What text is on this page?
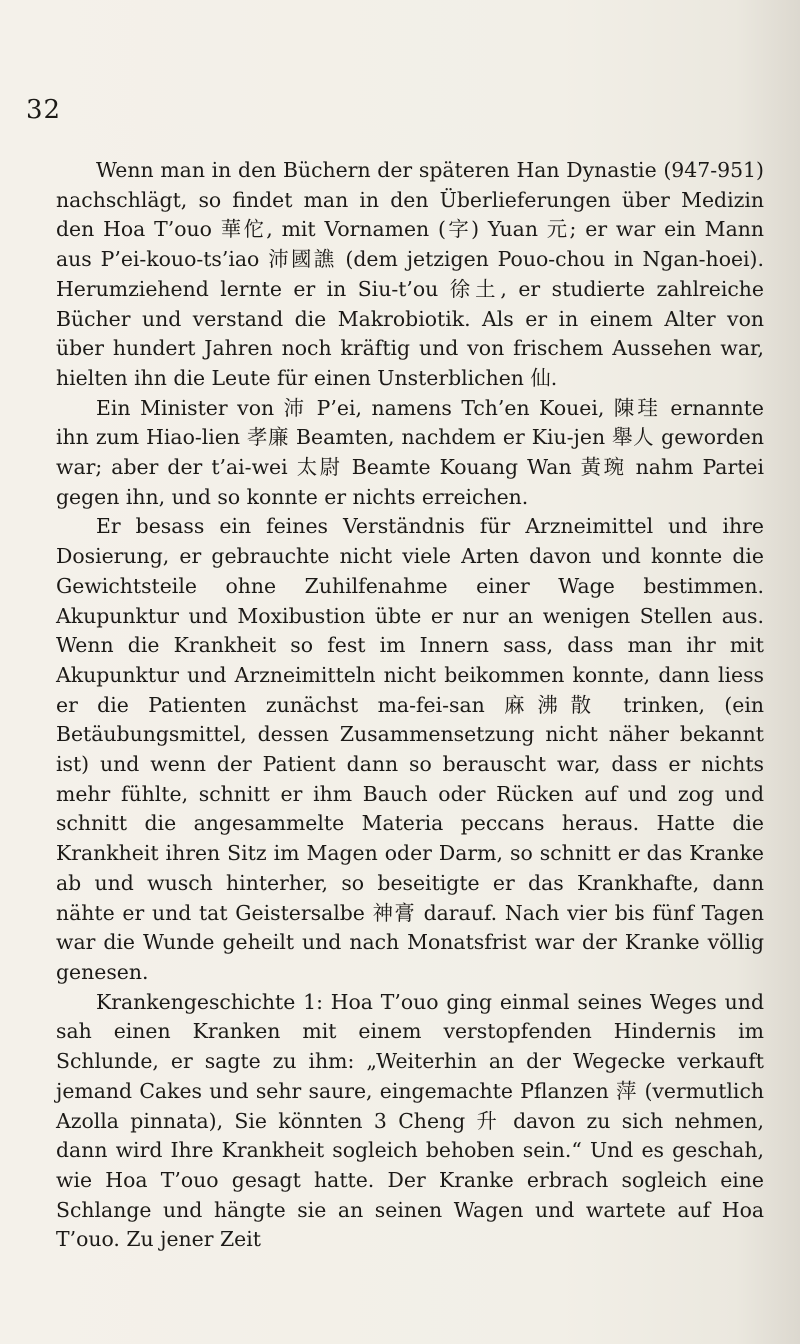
32

Wenn man in den Büchern der späteren Han Dynastie (947-951) nachschlägt, so findet man in den Überlieferungen über Medizin den Hoa T’ouo 華佗, mit Vornamen (字) Yuan 元; er war ein Mann aus P’ei-kouo-ts’iao 沛國譙 (dem jetzigen Pouo-chou in Ngan-hoei). Herumziehend lernte er in Siu-t’ou 徐土, er studierte zahlreiche Bücher und verstand die Makrobiotik. Als er in einem Alter von über hundert Jahren noch kräftig und von frischem Aussehen war, hielten ihn die Leute für einen Unsterblichen 仙.

Ein Minister von 沛 P’ei, namens Tch’en Kouei, 陳珪 ernannte ihn zum Hiao-lien 孝廉 Beamten, nachdem er Kiu-jen 舉人 geworden war; aber der t’ai-wei 太尉 Beamte Kouang Wan 黃琬 nahm Partei gegen ihn, und so konnte er nichts erreichen.

Er besass ein feines Verständnis für Arzneimittel und ihre Dosierung, er gebrauchte nicht viele Arten davon und konnte die Gewichtsteile ohne Zuhilfenahme einer Wage bestimmen. Akupunktur und Moxibustion übte er nur an wenigen Stellen aus. Wenn die Krankheit so fest im Innern sass, dass man ihr mit Akupunktur und Arzneimitteln nicht beikommen konnte, dann liess er die Patienten zunächst ma-fei-san 麻沸散 trinken, (ein Betäubungsmittel, dessen Zusammensetzung nicht näher bekannt ist) und wenn der Patient dann so berauscht war, dass er nichts mehr fühlte, schnitt er ihm Bauch oder Rücken auf und zog und schnitt die angesammelte Materia peccans heraus. Hatte die Krankheit ihren Sitz im Magen oder Darm, so schnitt er das Kranke ab und wusch hinterher, so beseitigte er das Krankhafte, dann nähte er und tat Geistersalbe 神膏 darauf. Nach vier bis fünf Tagen war die Wunde geheilt und nach Monatsfrist war der Kranke völlig genesen.

Krankengeschichte 1: Hoa T’ouo ging einmal seines Weges und sah einen Kranken mit einem verstopfenden Hindernis im Schlunde, er sagte zu ihm: „Weiterhin an der Wegecke verkauft jemand Cakes und sehr saure, eingemachte Pflanzen 萍 (vermutlich Azolla pinnata), Sie könnten 3 Cheng 升 davon zu sich nehmen, dann wird Ihre Krankheit sogleich behoben sein.“ Und es geschah, wie Hoa T’ouo gesagt hatte. Der Kranke erbrach sogleich eine Schlange und hängte sie an seinen Wagen und wartete auf Hoa T’ouo. Zu jener Zeit
